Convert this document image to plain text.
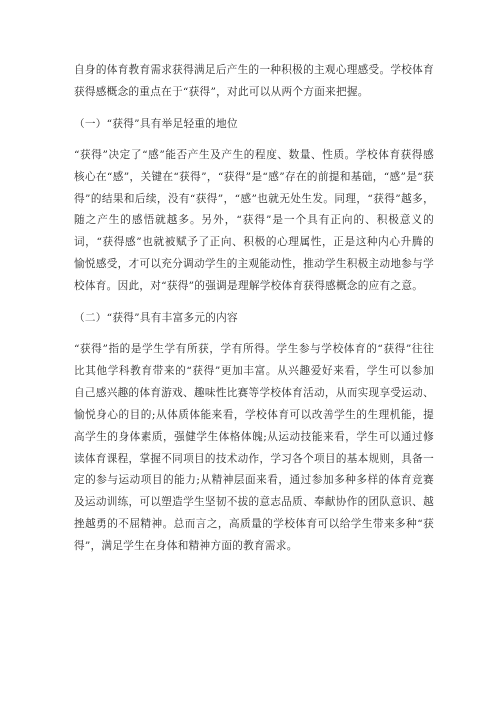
自身的体育教育需求获得满足后产生的一种积极的主观心理感受。学校体育获得感概念的重点在于“获得”，对此可以从两个方面来把握。

（一）“获得”具有举足轻重的地位

“获得”决定了“感”能否产生及产生的程度、数量、性质。学校体育获得感核心在“感”，关键在“获得”，“获得”是“感”存在的前提和基础，“感”是“获得”的结果和后续，没有“获得”，“感”也就无处生发。同理，“获得”越多，随之产生的感悟就越多。另外，“获得”是一个具有正向的、积极意义的词，“获得感”也就被赋予了正向、积极的心理属性，正是这种内心升腾的愉悦感受，才可以充分调动学生的主观能动性，推动学生积极主动地参与学校体育。因此，对“获得”的强调是理解学校体育获得感概念的应有之意。

（二）“获得”具有丰富多元的内容

“获得”指的是学生学有所获，学有所得。学生参与学校体育的“获得”往往比其他学科教育带来的“获得”更加丰富。从兴趣爱好来看，学生可以参加自己感兴趣的体育游戏、趣味性比赛等学校体育活动，从而实现享受运动、愉悦身心的目的;从体质体能来看，学校体育可以改善学生的生理机能，提高学生的身体素质，强健学生体格体魄;从运动技能来看，学生可以通过修读体育课程，掌握不同项目的技术动作，学习各个项目的基本规则，具备一定的参与运动项目的能力;从精神层面来看，通过参加多种多样的体育竞赛及运动训练，可以塑造学生坚韧不拔的意志品质、奉献协作的团队意识、越挫越勇的不屈精神。总而言之，高质量的学校体育可以给学生带来多种“获得”，满足学生在身体和精神方面的教育需求。
